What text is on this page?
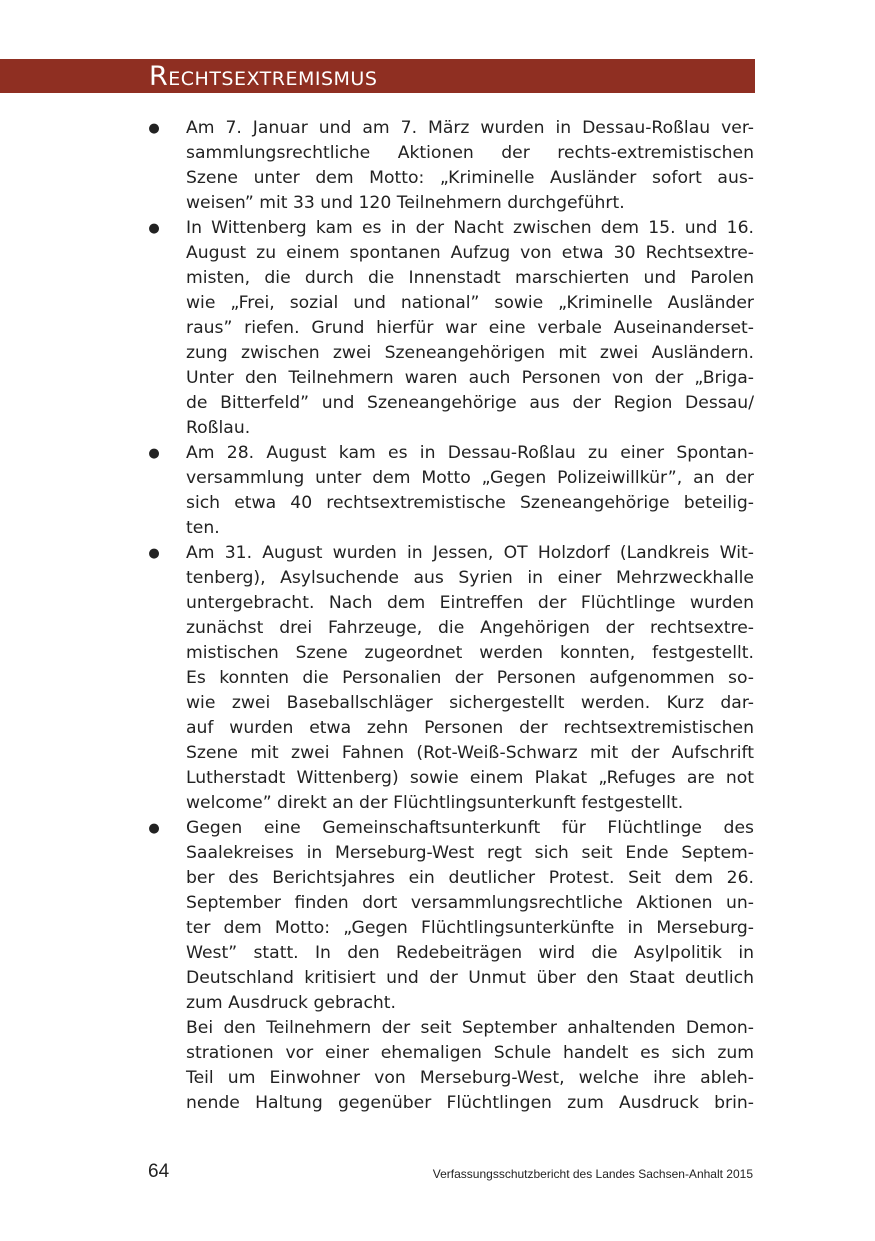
Rechtsextremismus
● Am 7. Januar und am 7. März wurden in Dessau-Roßlau ver-
sammlungsrechtliche Aktionen der rechts-extremistischen
Szene unter dem Motto: „Kriminelle Ausländer sofort aus-
weisen” mit 33 und 120 Teilnehmern durchgeführt.
● In Wittenberg kam es in der Nacht zwischen dem 15. und 16.
August zu einem spontanen Aufzug von etwa 30 Rechtsextre-
misten, die durch die Innenstadt marschierten und Parolen
wie „Frei, sozial und national” sowie „Kriminelle Ausländer
raus” riefen. Grund hierfür war eine verbale Auseinanderset-
zung zwischen zwei Szeneangehörigen mit zwei Ausländern.
Unter den Teilnehmern waren auch Personen von der „Briga-
de Bitterfeld” und Szeneangehörige aus der Region Dessau/
Roßlau.
● Am 28. August kam es in Dessau-Roßlau zu einer Spontan-
versammlung unter dem Motto „Gegen Polizeiwillkür”, an der
sich etwa 40 rechtsextremistische Szeneangehörige beteilig-
ten.
● Am 31. August wurden in Jessen, OT Holzdorf (Landkreis Wit-
tenberg), Asylsuchende aus Syrien in einer Mehrzweckhalle
untergebracht. Nach dem Eintreffen der Flüchtlinge wurden
zunächst drei Fahrzeuge, die Angehörigen der rechtsextre-
mistischen Szene zugeordnet werden konnten, festgestellt.
Es konnten die Personalien der Personen aufgenommen so-
wie zwei Baseballschläger sichergestellt werden. Kurz dar-
auf wurden etwa zehn Personen der rechtsextremistischen
Szene mit zwei Fahnen (Rot-Weiß-Schwarz mit der Aufschrift
Lutherstadt Wittenberg) sowie einem Plakat „Refuges are not
welcome” direkt an der Flüchtlingsunterkunft festgestellt.
● Gegen eine Gemeinschaftsunterkunft für Flüchtlinge des
Saalekreises in Merseburg-West regt sich seit Ende Septem-
ber des Berichtsjahres ein deutlicher Protest. Seit dem 26.
September finden dort versammlungsrechtliche Aktionen un-
ter dem Motto: „Gegen Flüchtlingsunterkünfte in Merseburg-
West” statt. In den Redebeiträgen wird die Asylpolitik in
Deutschland kritisiert und der Unmut über den Staat deutlich
zum Ausdruck gebracht.
Bei den Teilnehmern der seit September anhaltenden Demon-
strationen vor einer ehemaligen Schule handelt es sich zum
Teil um Einwohner von Merseburg-West, welche ihre ableh-
nende Haltung gegenüber Flüchtlingen zum Ausdruck brin-
64	Verfassungsschutzbericht des Landes Sachsen-Anhalt 2015
